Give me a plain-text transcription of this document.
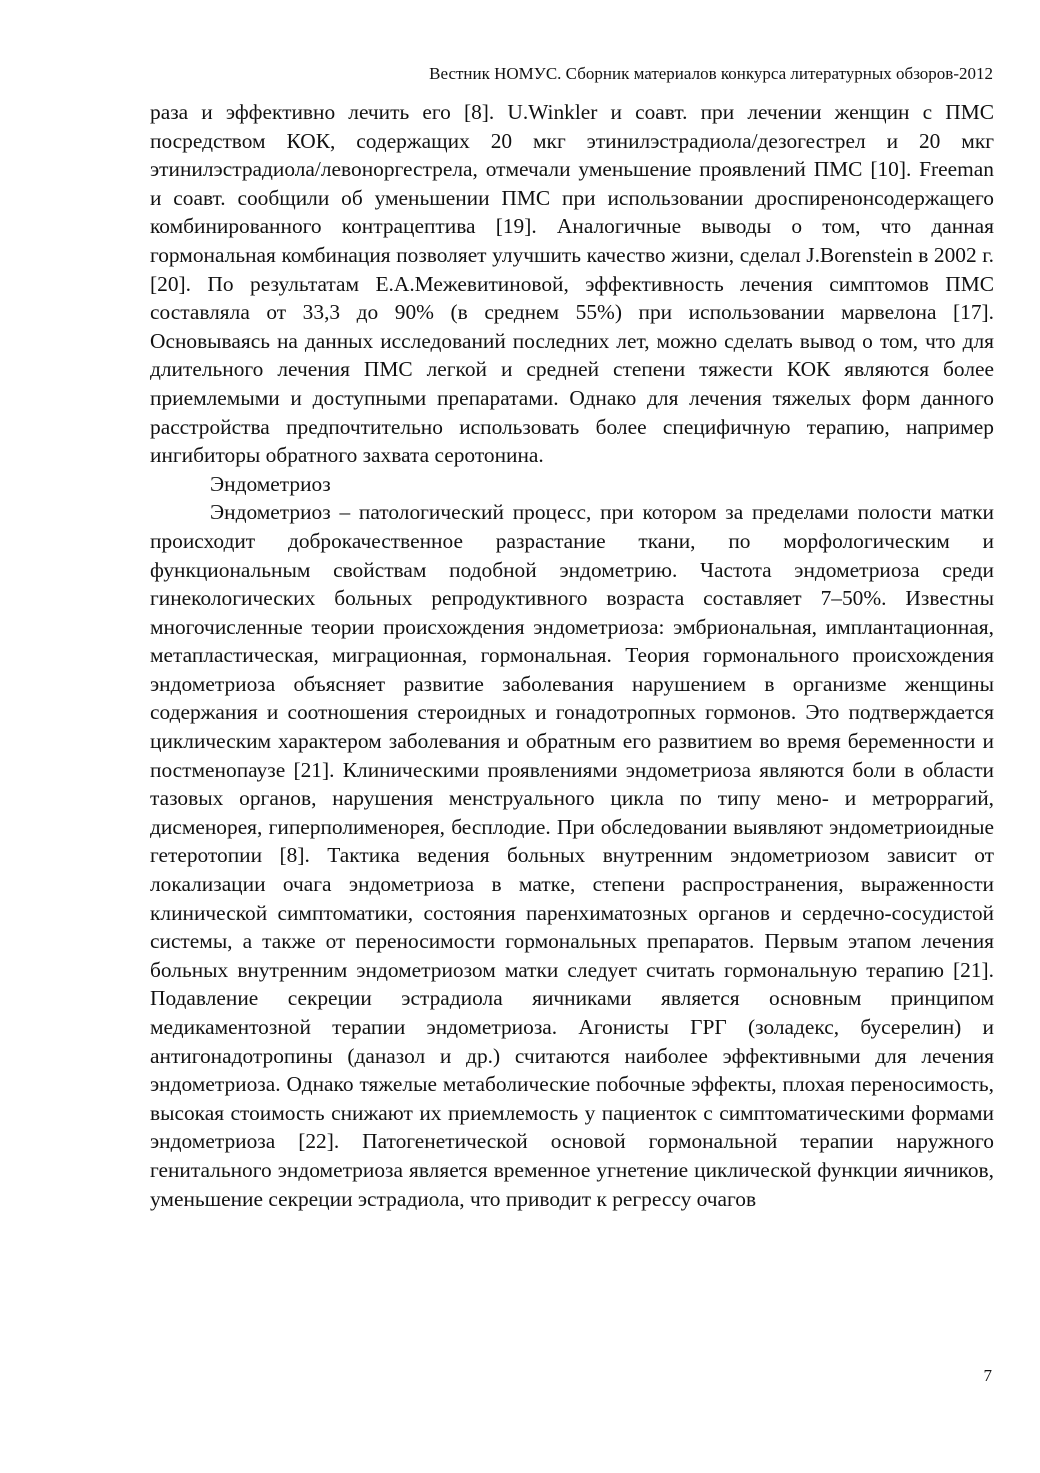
Вестник НОМУС. Сборник материалов конкурса литературных обзоров-2012

раза и эффективно лечить его [8]. U.Winkler и соавт. при лечении женщин с ПМС посредством КОК, содержащих 20 мкг этинилэстрадиола/дезогестрел и 20 мкг этинилэстрадиола/левоноргестрела, отмечали уменьшение проявлений ПМС [10]. Freeman и соавт. сообщили об уменьшении ПМС при использовании дроспиренонсодержащего комбинированного контрацептива [19]. Аналогичные выводы о том, что данная гормональная комбинация позволяет улучшить качество жизни, сделал J.Borenstein в 2002 г. [20]. По результатам Е.А.Межевитиновой, эффективность лечения симптомов ПМС составляла от 33,3 до 90% (в среднем 55%) при использовании марвелона [17]. Основываясь на данных исследований последних лет, можно сделать вывод о том, что для длительного лечения ПМС легкой и средней степени тяжести КОК являются более приемлемыми и доступными препаратами. Однако для лечения тяжелых форм данного расстройства предпочтительно использовать более специфичную терапию, например ингибиторы обратного захвата серотонина.

Эндометриоз

Эндометриоз – патологический процесс, при котором за пределами полости матки происходит доброкачественное разрастание ткани, по морфологическим и функциональным свойствам подобной эндометрию. Частота эндометриоза среди гинекологических больных репродуктивного возраста составляет 7–50%. Известны многочисленные теории происхождения эндометриоза: эмбриональная, имплантационная, метапластическая, миграционная, гормональная. Теория гормонального происхождения эндометриоза объясняет развитие заболевания нарушением в организме женщины содержания и соотношения стероидных и гонадотропных гормонов. Это подтверждается циклическим характером заболевания и обратным его развитием во время беременности и постменопаузе [21]. Клиническими проявлениями эндометриоза являются боли в области тазовых органов, нарушения менструального цикла по типу мено- и метроррагий, дисменорея, гиперполименорея, бесплодие. При обследовании выявляют эндометриоидные гетеротопии [8]. Тактика ведения больных внутренним эндометриозом зависит от локализации очага эндометриоза в матке, степени распространения, выраженности клинической симптоматики, состояния паренхиматозных органов и сердечно-сосудистой системы, а также от переносимости гормональных препаратов. Первым этапом лечения больных внутренним эндометриозом матки следует считать гормональную терапию [21]. Подавление секреции эстрадиола яичниками является основным принципом медикаментозной терапии эндометриоза. Агонисты ГРГ (золадекс, бусерелин) и антигонадотропины (даназол и др.) считаются наиболее эффективными для лечения эндометриоза. Однако тяжелые метаболические побочные эффекты, плохая переносимость, высокая стоимость снижают их приемлемость у пациенток с симптоматическими формами эндометриоза [22]. Патогенетической основой гормональной терапии наружного генитального эндометриоза является временное угнетение циклической функции яичников, уменьшение секреции эстрадиола, что приводит к регрессу очагов

7
